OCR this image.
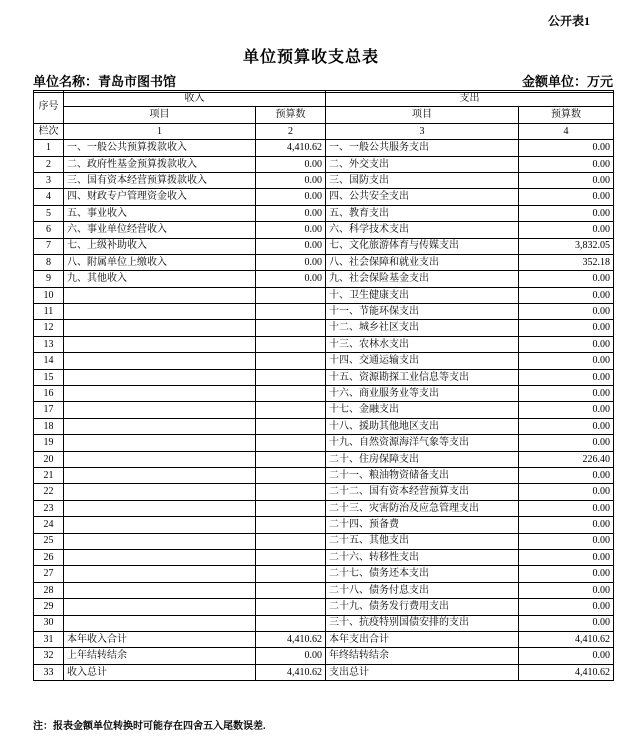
公开表1
单位预算收支总表
单位名称：青岛市图书馆	金额单位：万元
序号	收入		支出	
	项目	预算数	项目	预算数
栏次	1	2	3	4
1	一、一般公共预算拨款收入	4,410.62	一、一般公共服务支出	0.00
2	二、政府性基金预算拨款收入	0.00	二、外交支出	0.00
3	三、国有资本经营预算拨款收入	0.00	三、国防支出	0.00
4	四、财政专户管理资金收入	0.00	四、公共安全支出	0.00
5	五、事业收入	0.00	五、教育支出	0.00
6	六、事业单位经营收入	0.00	六、科学技术支出	0.00
7	七、上级补助收入	0.00	七、文化旅游体育与传媒支出	3,832.05
8	八、附属单位上缴收入	0.00	八、社会保障和就业支出	352.18
9	九、其他收入	0.00	九、社会保险基金支出	0.00
10			十、卫生健康支出	0.00
11			十一、节能环保支出	0.00
12			十二、城乡社区支出	0.00
13			十三、农林水支出	0.00
14			十四、交通运输支出	0.00
15			十五、资源勘探工业信息等支出	0.00
16			十六、商业服务业等支出	0.00
17			十七、金融支出	0.00
18			十八、援助其他地区支出	0.00
19			十九、自然资源海洋气象等支出	0.00
20			二十、住房保障支出	226.40
21			二十一、粮油物资储备支出	0.00
22			二十二、国有资本经营预算支出	0.00
23			二十三、灾害防治及应急管理支出	0.00
24			二十四、预备费	0.00
25			二十五、其他支出	0.00
26			二十六、转移性支出	0.00
27			二十七、债务还本支出	0.00
28			二十八、债务付息支出	0.00
29			二十九、债务发行费用支出	0.00
30			三十、抗疫特别国债安排的支出	0.00
31	本年收入合计	4,410.62	本年支出合计	4,410.62
32	上年结转结余	0.00	年终结转结余	0.00
33	收入总计	4,410.62	支出总计	4,410.62
注：报表金额单位转换时可能存在四舍五入尾数误差.
